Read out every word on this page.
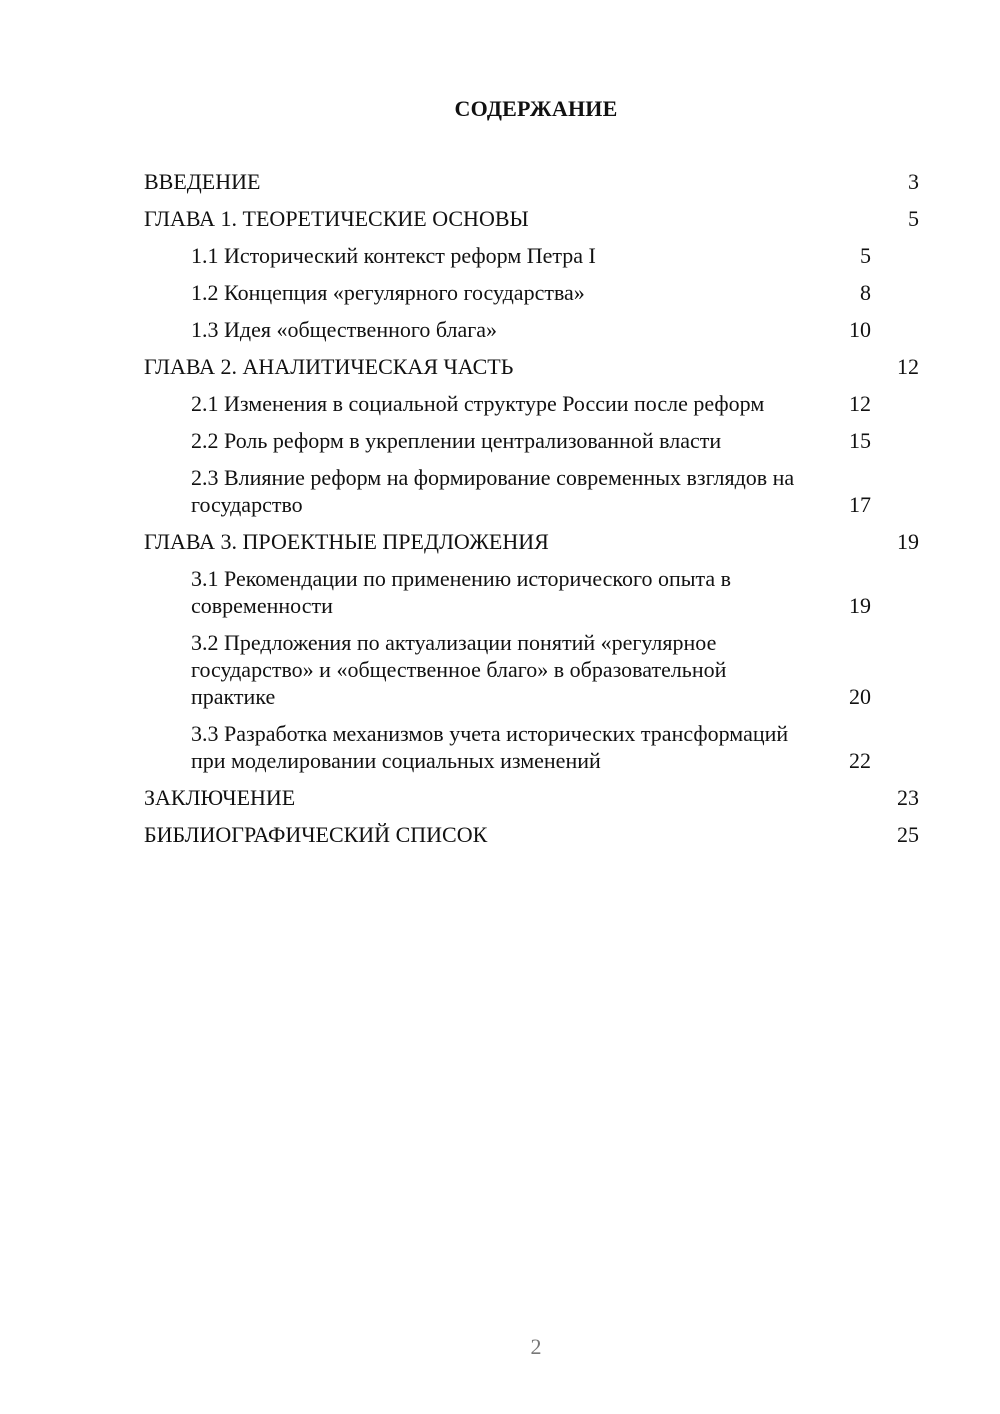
СОДЕРЖАНИЕ
ВВЕДЕНИЕ	3
ГЛАВА 1. ТЕОРЕТИЧЕСКИЕ ОСНОВЫ	5
1.1 Исторический контекст реформ Петра I	5
1.2 Концепция «регулярного государства»	8
1.3 Идея «общественного блага»	10
ГЛАВА 2. АНАЛИТИЧЕСКАЯ ЧАСТЬ	12
2.1 Изменения в социальной структуре России после реформ	12
2.2 Роль реформ в укреплении централизованной власти	15
2.3 Влияние реформ на формирование современных взглядов на государство	17
ГЛАВА 3. ПРОЕКТНЫЕ ПРЕДЛОЖЕНИЯ	19
3.1 Рекомендации по применению исторического опыта в современности	19
3.2 Предложения по актуализации понятий «регулярное государство» и «общественное благо» в образовательной практике	20
3.3 Разработка механизмов учета исторических трансформаций при моделировании социальных изменений	22
ЗАКЛЮЧЕНИЕ	23
БИБЛИОГРАФИЧЕСКИЙ СПИСОК	25
2
